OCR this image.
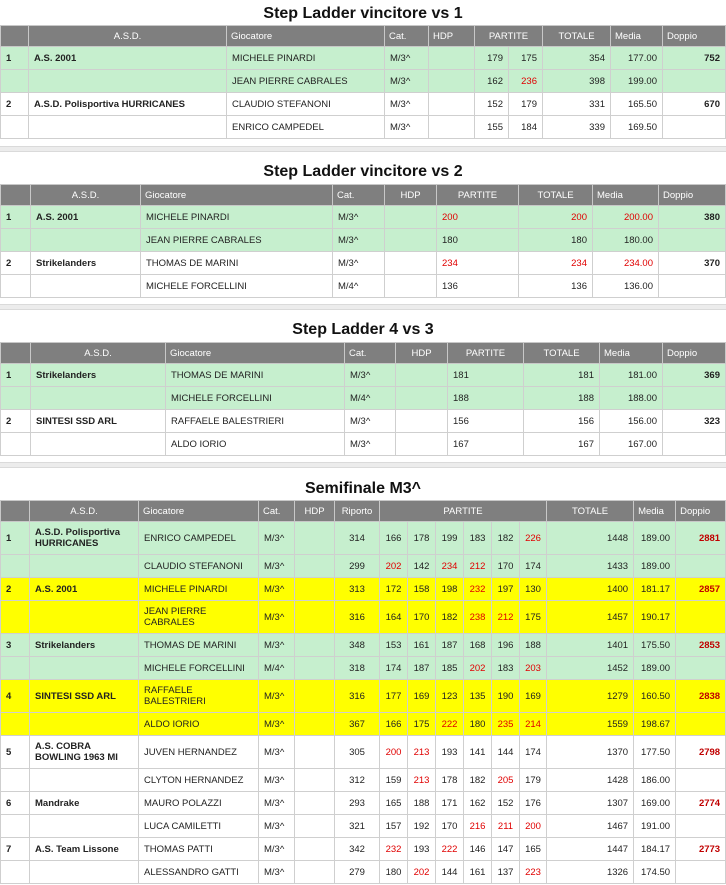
Step Ladder vincitore vs 1
	A.S.D.	Giocatore	Cat.	HDP	PARTITE		TOTALE	Media	Doppio
1	A.S. 2001	MICHELE PINARDI	M/3^		179	175	354	177.00	752
		JEAN PIERRE CABRALES	M/3^		162	236	398	199.00	
2	A.S.D. Polisportiva HURRICANES	CLAUDIO STEFANONI	M/3^		152	179	331	165.50	670
		ENRICO CAMPEDEL	M/3^		155	184	339	169.50	
Step Ladder vincitore vs 2
	A.S.D.	Giocatore	Cat.	HDP	PARTITE	TOTALE	Media	Doppio
1	A.S. 2001	MICHELE PINARDI	M/3^		200	200	200.00	380
		JEAN PIERRE CABRALES	M/3^		180	180	180.00	
2	Strikelanders	THOMAS DE MARINI	M/3^		234	234	234.00	370
		MICHELE FORCELLINI	M/4^		136	136	136.00	
Step Ladder 4 vs 3
	A.S.D.	Giocatore	Cat.	HDP	PARTITE	TOTALE	Media	Doppio
1	Strikelanders	THOMAS DE MARINI	M/3^		181	181	181.00	369
		MICHELE FORCELLINI	M/4^		188	188	188.00	
2	SINTESI SSD ARL	RAFFAELE BALESTRIERI	M/3^		156	156	156.00	323
		ALDO IORIO	M/3^		167	167	167.00	
Semifinale M3^
	A.S.D.	Giocatore	Cat.	HDP	Riporto	PARTITE						TOTALE	Media	Doppio
1	A.S.D. Polisportiva HURRICANES	ENRICO CAMPEDEL	M/3^		314	166	178	199	183	182	226	1448	189.00	2881
		CLAUDIO STEFANONI	M/3^		299	202	142	234	212	170	174	1433	189.00	
2	A.S. 2001	MICHELE PINARDI	M/3^		313	172	158	198	232	197	130	1400	181.17	2857
		JEAN PIERRE CABRALES	M/3^		316	164	170	182	238	212	175	1457	190.17	
3	Strikelanders	THOMAS DE MARINI	M/3^		348	153	161	187	168	196	188	1401	175.50	2853
		MICHELE FORCELLINI	M/4^		318	174	187	185	202	183	203	1452	189.00	
4	SINTESI SSD ARL	RAFFAELE BALESTRIERI	M/3^		316	177	169	123	135	190	169	1279	160.50	2838
		ALDO IORIO	M/3^		367	166	175	222	180	235	214	1559	198.67	
5	A.S. COBRA BOWLING 1963 MI	JUVEN HERNANDEZ	M/3^		305	200	213	193	141	144	174	1370	177.50	2798
		CLYTON HERNANDEZ	M/3^		312	159	213	178	182	205	179	1428	186.00	
6	Mandrake	MAURO POLAZZI	M/3^		293	165	188	171	162	152	176	1307	169.00	2774
		LUCA CAMILETTI	M/3^		321	157	192	170	216	211	200	1467	191.00	
7	A.S. Team Lissone	THOMAS PATTI	M/3^		342	232	193	222	146	147	165	1447	184.17	2773
		ALESSANDRO GATTI	M/3^		279	180	202	144	161	137	223	1326	174.50	
